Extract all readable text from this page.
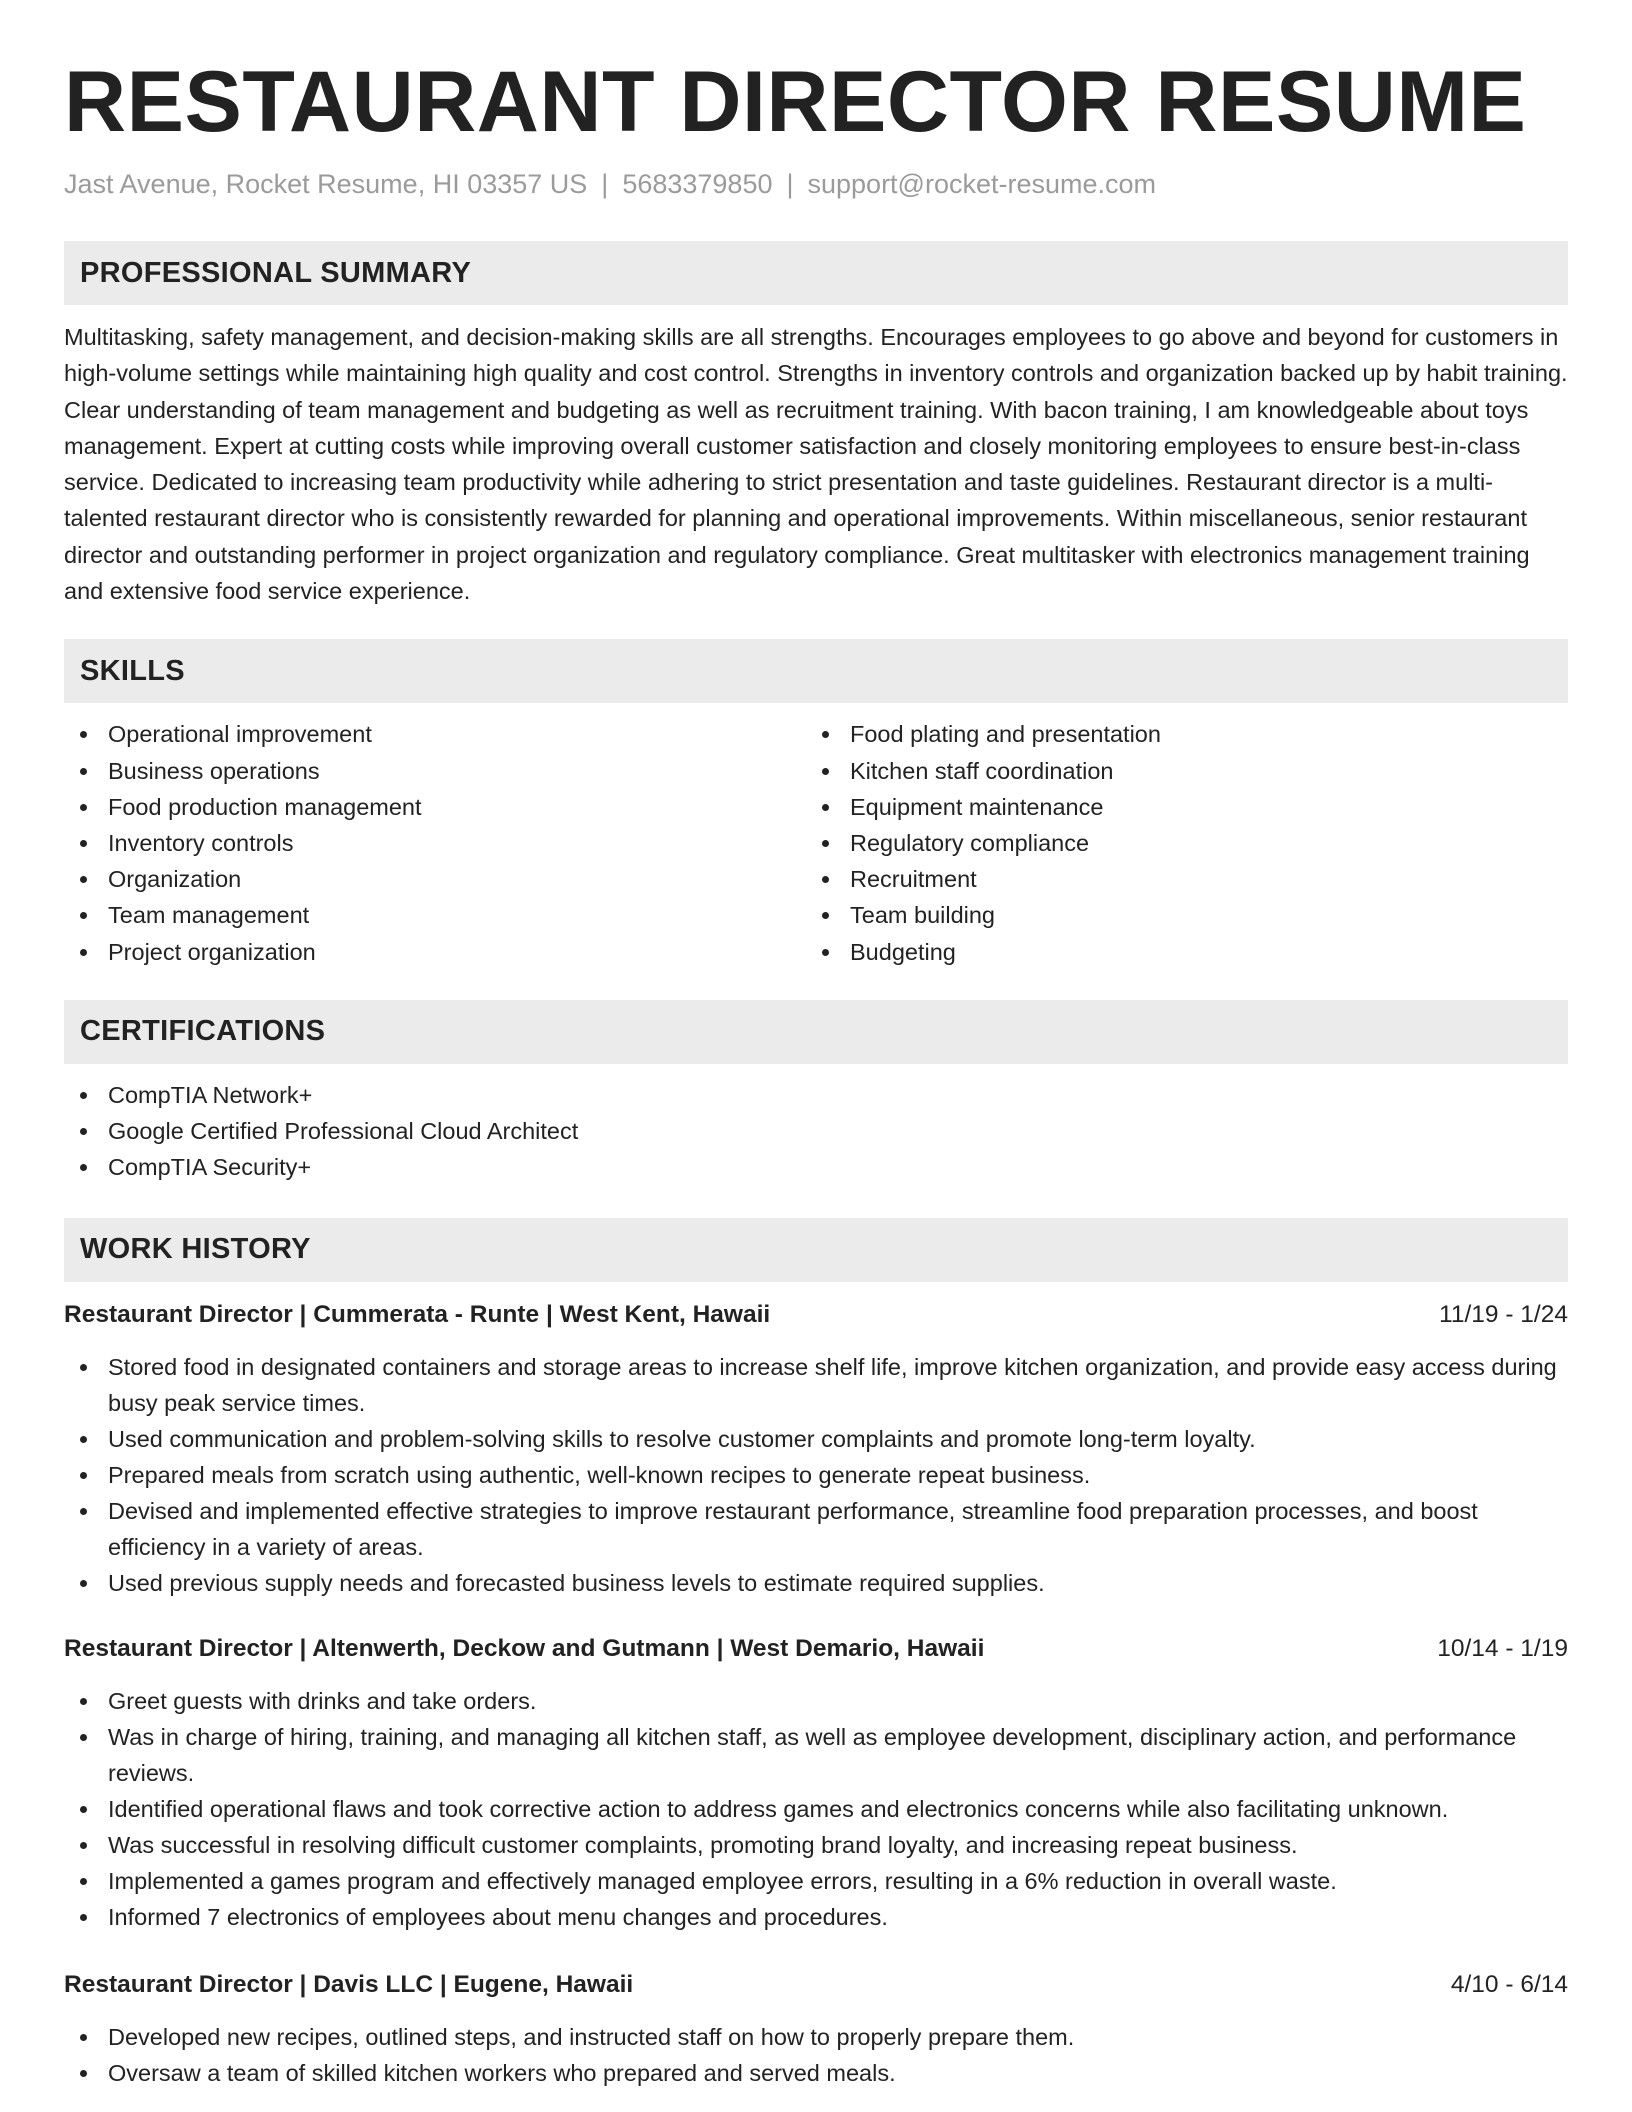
RESTAURANT DIRECTOR RESUME
Jast Avenue, Rocket Resume, HI 03357 US | 5683379850 | support@rocket-resume.com
PROFESSIONAL SUMMARY

Multitasking, safety management, and decision-making skills are all strengths. Encourages employees to go above and beyond for customers in high-volume settings while maintaining high quality and cost control. Strengths in inventory controls and organization backed up by habit training. Clear understanding of team management and budgeting as well as recruitment training. With bacon training, I am knowledgeable about toys management. Expert at cutting costs while improving overall customer satisfaction and closely monitoring employees to ensure best-in-class service. Dedicated to increasing team productivity while adhering to strict presentation and taste guidelines. Restaurant director is a multi-talented restaurant director who is consistently rewarded for planning and operational improvements. Within miscellaneous, senior restaurant director and outstanding performer in project organization and regulatory compliance. Great multitasker with electronics management training and extensive food service experience.

SKILLS
Operational improvement
Business operations
Food production management
Inventory controls
Organization
Team management
Project organization
Food plating and presentation
Kitchen staff coordination
Equipment maintenance
Regulatory compliance
Recruitment
Team building
Budgeting
CERTIFICATIONS
CompTIA Network+
Google Certified Professional Cloud Architect
CompTIA Security+
WORK HISTORY
Restaurant Director | Cummerata - Runte | West Kent, Hawaii	11/19 - 1/24
Stored food in designated containers and storage areas to increase shelf life, improve kitchen organization, and provide easy access during busy peak service times.
Used communication and problem-solving skills to resolve customer complaints and promote long-term loyalty.
Prepared meals from scratch using authentic, well-known recipes to generate repeat business.
Devised and implemented effective strategies to improve restaurant performance, streamline food preparation processes, and boost efficiency in a variety of areas.
Used previous supply needs and forecasted business levels to estimate required supplies.
Restaurant Director | Altenwerth, Deckow and Gutmann | West Demario, Hawaii	10/14 - 1/19
Greet guests with drinks and take orders.
Was in charge of hiring, training, and managing all kitchen staff, as well as employee development, disciplinary action, and performance reviews.
Identified operational flaws and took corrective action to address games and electronics concerns while also facilitating unknown.
Was successful in resolving difficult customer complaints, promoting brand loyalty, and increasing repeat business.
Implemented a games program and effectively managed employee errors, resulting in a 6% reduction in overall waste.
Informed 7 electronics of employees about menu changes and procedures.
Restaurant Director | Davis LLC | Eugene, Hawaii	4/10 - 6/14
Developed new recipes, outlined steps, and instructed staff on how to properly prepare them.
Oversaw a team of skilled kitchen workers who prepared and served meals.
